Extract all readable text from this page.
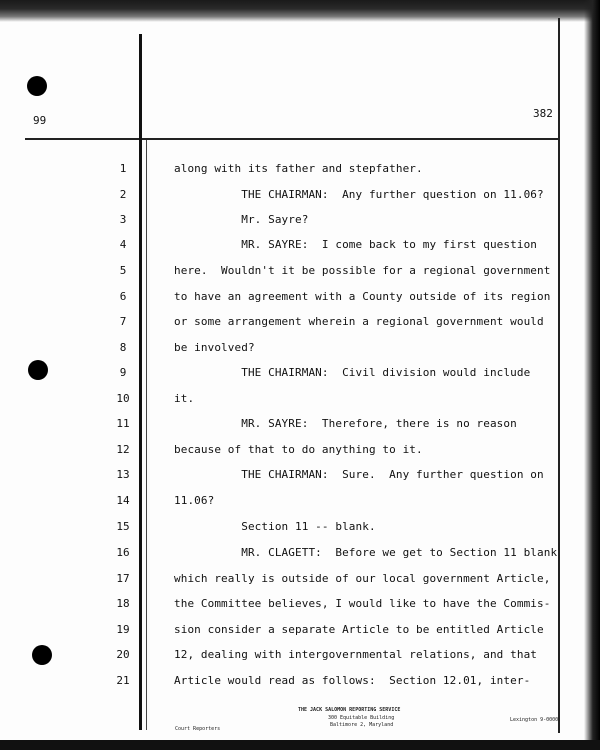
99
382
1	along with its father and stepfather.
2	THE CHAIRMAN:  Any further question on 11.06?
3	Mr. Sayre?
4	MR. SAYRE:  I come back to my first question
5	here.  Wouldn't it be possible for a regional government
6	to have an agreement with a County outside of its region
7	or some arrangement wherein a regional government would
8	be involved?
9	THE CHAIRMAN:  Civil division would include
10	it.
11	MR. SAYRE:  Therefore, there is no reason
12	because of that to do anything to it.
13	THE CHAIRMAN:  Sure.  Any further question on
14	11.06?
15	Section 11 -- blank.
16	MR. CLAGETT:  Before we get to Section 11 blank
17	which really is outside of our local government Article,
18	the Committee believes, I would like to have the Commis-
19	sion consider a separate Article to be entitled Article
20	12, dealing with intergovernmental relations, and that
21	Article would read as follows:  Section 12.01, inter-
Court Reporters
THE JACK SALOMON REPORTING SERVICE
300 Equitable Building
Baltimore 2, Maryland
Lexington 9-0000
